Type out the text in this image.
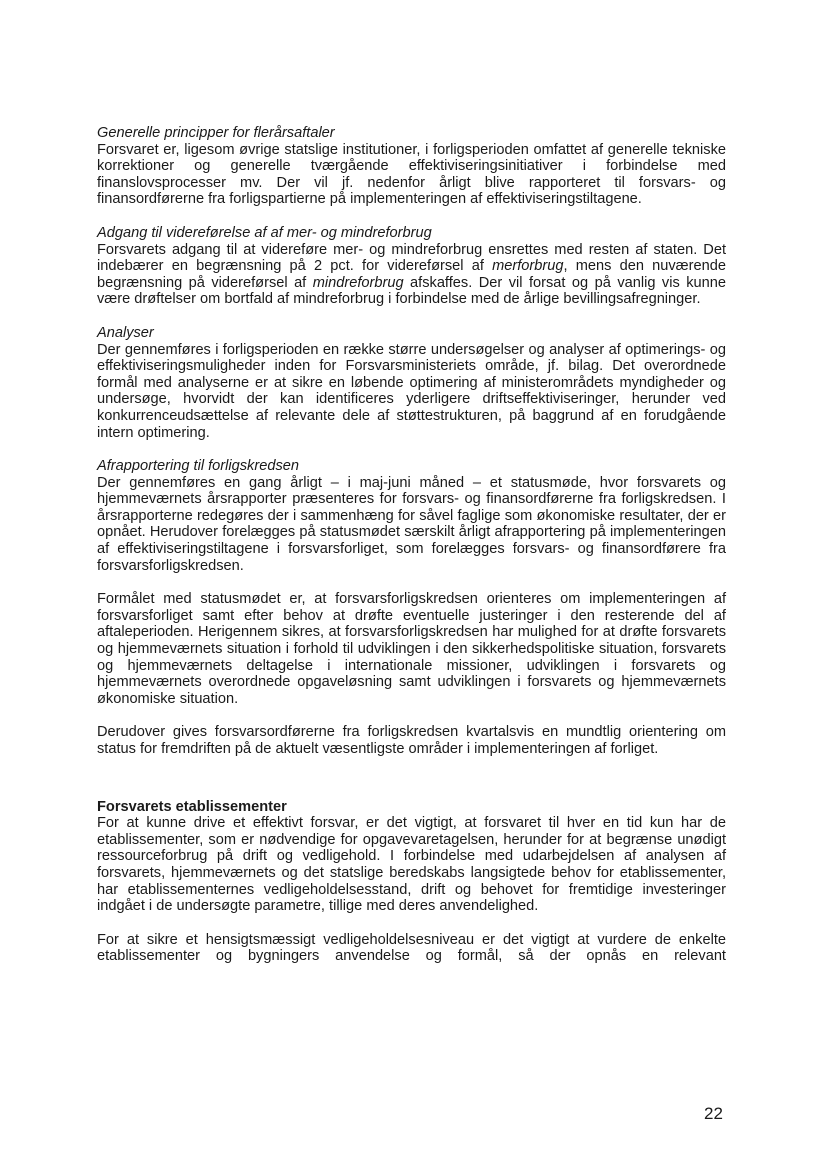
Generelle principper for flerårsaftaler
Forsvaret er, ligesom øvrige statslige institutioner, i forligsperioden omfattet af generelle tekniske korrektioner og generelle tværgående effektiviseringsinitiativer i forbindelse med finanslovsprocesser mv. Der vil jf. nedenfor årligt blive rapporteret til forsvars- og finansordførerne fra forligspartierne på implementeringen af effektiviseringstiltagene.
Adgang til videreførelse af af mer- og mindreforbrug
Forsvarets adgang til at videreføre mer- og mindreforbrug ensrettes med resten af staten. Det indebærer en begrænsning på 2 pct. for videreførsel af merforbrug, mens den nuværende begrænsning på videreførsel af mindreforbrug afskaffes. Der vil forsat og på vanlig vis kunne være drøftelser om bortfald af mindreforbrug i forbindelse med de årlige bevillingsafregninger.
Analyser
Der gennemføres i forligsperioden en række større undersøgelser og analyser af optimerings- og effektiviseringsmuligheder inden for Forsvarsministeriets område, jf. bilag. Det overordnede formål med analyserne er at sikre en løbende optimering af ministerområdets myndigheder og undersøge, hvorvidt der kan identificeres yderligere driftseffektiviseringer, herunder ved konkurrenceudsættelse af relevante dele af støttestrukturen, på baggrund af en forudgående intern optimering.
Afrapportering til forligskredsen
Der gennemføres en gang årligt – i maj-juni måned – et statusmøde, hvor forsvarets og hjemmeværnets årsrapporter præsenteres for forsvars- og finansordførerne fra forligskredsen. I årsrapporterne redegøres der i sammenhæng for såvel faglige som økonomiske resultater, der er opnået. Herudover forelægges på statusmødet særskilt årligt afrapportering på implementeringen af effektiviseringstiltagene i forsvarsforliget, som forelægges forsvars- og finansordførere fra forsvarsforligskredsen.
Formålet med statusmødet er, at forsvarsforligskredsen orienteres om implementeringen af forsvarsforliget samt efter behov at drøfte eventuelle justeringer i den resterende del af aftaleperioden. Herigennem sikres, at forsvarsforligskredsen har mulighed for at drøfte forsvarets og hjemmeværnets situation i forhold til udviklingen i den sikkerhedspolitiske situation, forsvarets og hjemmeværnets deltagelse i internationale missioner, udviklingen i forsvarets og hjemmeværnets overordnede opgaveløsning samt udviklingen i forsvarets og hjemmeværnets økonomiske situation.
Derudover gives forsvarsordførerne fra forligskredsen kvartalsvis en mundtlig orientering om status for fremdriften på de aktuelt væsentligste områder i implementeringen af forliget.
Forsvarets etablissementer
For at kunne drive et effektivt forsvar, er det vigtigt, at forsvaret til hver en tid kun har de etablissementer, som er nødvendige for opgavevaretagelsen, herunder for at begrænse unødigt ressourceforbrug på drift og vedligehold. I forbindelse med udarbejdelsen af analysen af forsvarets, hjemmeværnets og det statslige beredskabs langsigtede behov for etablissementer, har etablissementernes vedligeholdelsesstand, drift og behovet for fremtidige investeringer indgået i de undersøgte parametre, tillige med deres anvendelighed.
For at sikre et hensigtsmæssigt vedligeholdelsesniveau er det vigtigt at vurdere de enkelte etablissementer og bygningers anvendelse og formål, så der opnås en relevant
22
